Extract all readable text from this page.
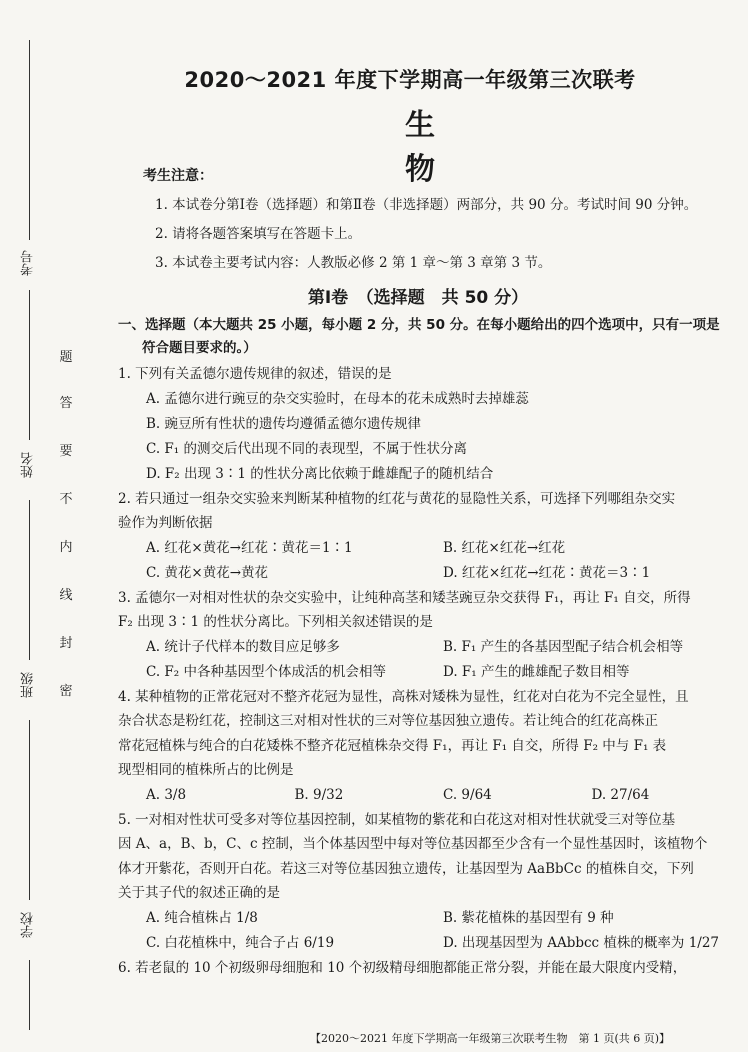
考号
姓名
班级
学校
题
答
要
不
内
线
封
密
2020～2021 年度下学期高一年级第三次联考
生物
考生注意：
1. 本试卷分第Ⅰ卷（选择题）和第Ⅱ卷（非选择题）两部分，共 90 分。考试时间 90 分钟。
2. 请将各题答案填写在答题卡上。
3. 本试卷主要考试内容：人教版必修 2 第 1 章～第 3 章第 3 节。
第Ⅰ卷　（选择题　共 50 分）
一、选择题（本大题共 25 小题，每小题 2 分，共 50 分。在每小题给出的四个选项中，只有一项是
符合题目要求的。）
1. 下列有关孟德尔遗传规律的叙述，错误的是
A. 孟德尔进行豌豆的杂交实验时，在母本的花未成熟时去掉雄蕊
B. 豌豆所有性状的遗传均遵循孟德尔遗传规律
C. F₁ 的测交后代出现不同的表现型，不属于性状分离
D. F₂ 出现 3∶1 的性状分离比依赖于雌雄配子的随机结合
2. 若只通过一组杂交实验来判断某种植物的红花与黄花的显隐性关系，可选择下列哪组杂交实
验作为判断依据
A. 红花×黄花→红花∶黄花＝1∶1	B. 红花×红花→红花
C. 黄花×黄花→黄花	D. 红花×红花→红花∶黄花＝3∶1
3. 孟德尔一对相对性状的杂交实验中，让纯种高茎和矮茎豌豆杂交获得 F₁，再让 F₁ 自交，所得
F₂ 出现 3∶1 的性状分离比。下列相关叙述错误的是
A. 统计子代样本的数目应足够多	B. F₁ 产生的各基因型配子结合机会相等
C. F₂ 中各种基因型个体成活的机会相等	D. F₁ 产生的雌雄配子数目相等
4. 某种植物的正常花冠对不整齐花冠为显性，高株对矮株为显性，红花对白花为不完全显性，且
杂合状态是粉红花，控制这三对相对性状的三对等位基因独立遗传。若让纯合的红花高株正
常花冠植株与纯合的白花矮株不整齐花冠植株杂交得 F₁，再让 F₁ 自交，所得 F₂ 中与 F₁ 表
现型相同的植株所占的比例是
A. 3/8	B. 9/32	C. 9/64	D. 27/64
5. 一对相对性状可受多对等位基因控制，如某植物的紫花和白花这对相对性状就受三对等位基
因 A、a，B、b，C、c 控制，当个体基因型中每对等位基因都至少含有一个显性基因时，该植物个
体才开紫花，否则开白花。若这三对等位基因独立遗传，让基因型为 AaBbCc 的植株自交，下列
关于其子代的叙述正确的是
A. 纯合植株占 1/8	B. 紫花植株的基因型有 9 种
C. 白花植株中，纯合子占 6/19	D. 出现基因型为 AAbbcc 植株的概率为 1/27
6. 若老鼠的 10 个初级卵母细胞和 10 个初级精母细胞都能正常分裂，并能在最大限度内受精，
【2020～2021 年度下学期高一年级第三次联考生物　第 1 页(共 6 页)】
